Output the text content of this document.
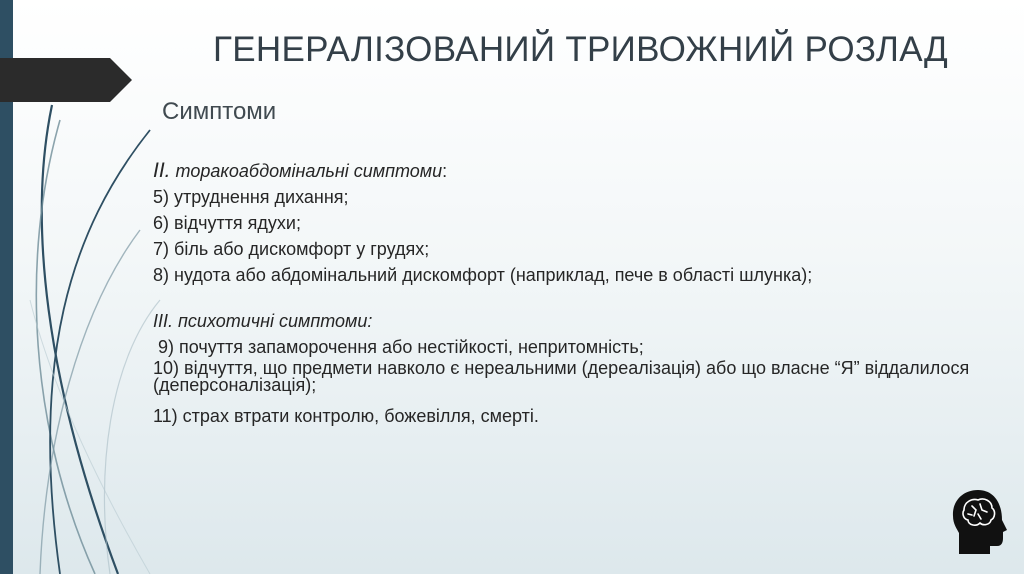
ГЕНЕРАЛІЗОВАНИЙ ТРИВОЖНИЙ РОЗЛАД
Симптоми
II. торакоабдомінальні симптоми:
5) утруднення дихання;
6) відчуття ядухи;
7) біль або дискомфорт у грудях;
8) нудота або абдомінальний дискомфорт (наприклад, пече в області шлунка);
III. психотичні симптоми:
9) почуття запаморочення або нестійкості, непритомність;
10) відчуття, що предмети навколо є нереальними (дереалізація) або що власне “Я” віддалилося (деперсоналізація);
11) страх втрати контролю, божевілля, смерті.
